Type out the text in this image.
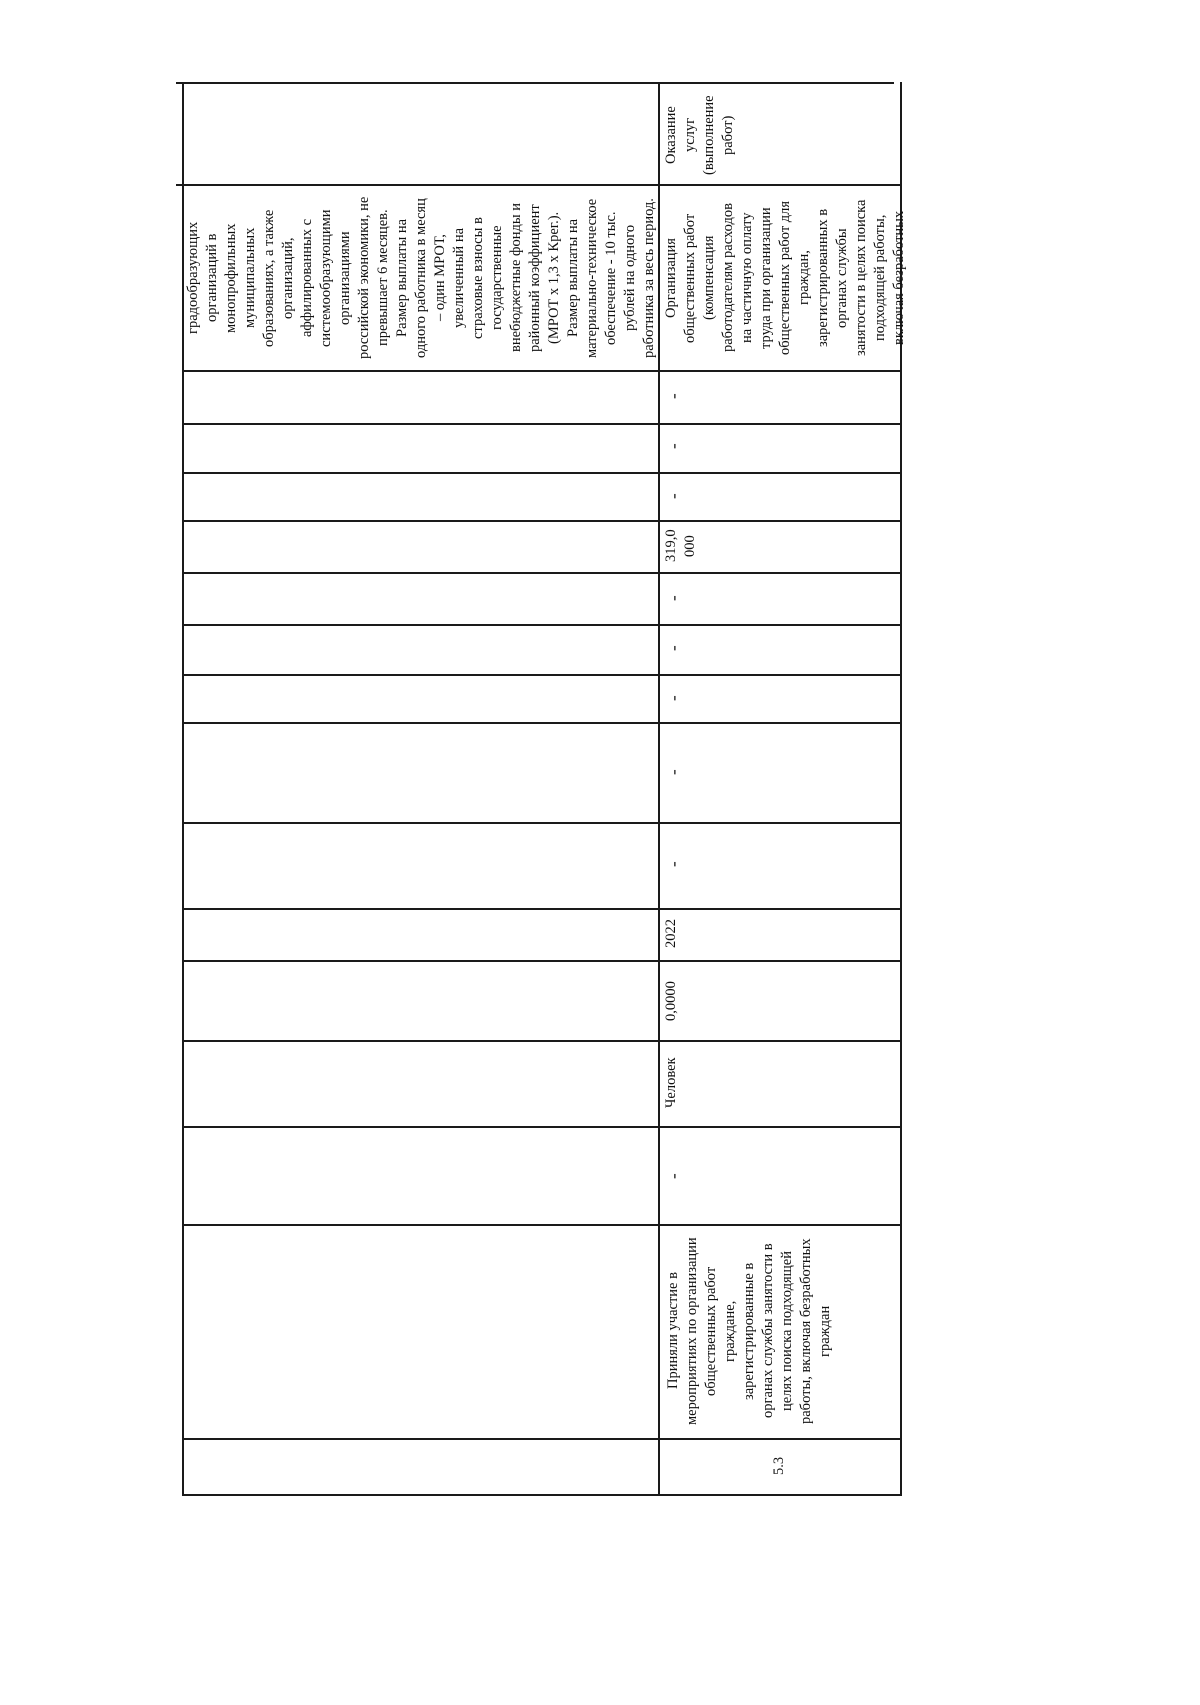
градообразующих
организаций в
монопрофильных
муниципальных
образованиях, а также
организаций,
аффилированных с
системообразующими
организациями
российской экономики, не
превышает 6 месяцев.
Размер выплаты на
одного работника в месяц
– один МРОТ,
увеличенный на
страховые взносы в
государственные
внебюджетные фонды и
районный коэффициент
(МРОТ х 1,3 х Крег.).
Размер выплаты на
материально-техническое
обеспечение - 10 тыс.
рублей на одного
работника за весь период.
5.3
Приняли участие в
мероприятиях по организации
общественных работ
граждане,
зарегистрированные в
органах службы занятости в
целях поиска подходящей
работы, включая безработных
граждан
-
Человек
0,0000
2022
-
-
-
-
-
319,0
000
-
-
-
Организация
общественных работ
(компенсация
работодателям расходов
на частичную оплату
труда при организации
общественных работ для
граждан,
зарегистрированных в
органах службы
занятости в целях поиска
подходящей работы,
включая безработных
Оказание
услуг
(выполнение
работ)
